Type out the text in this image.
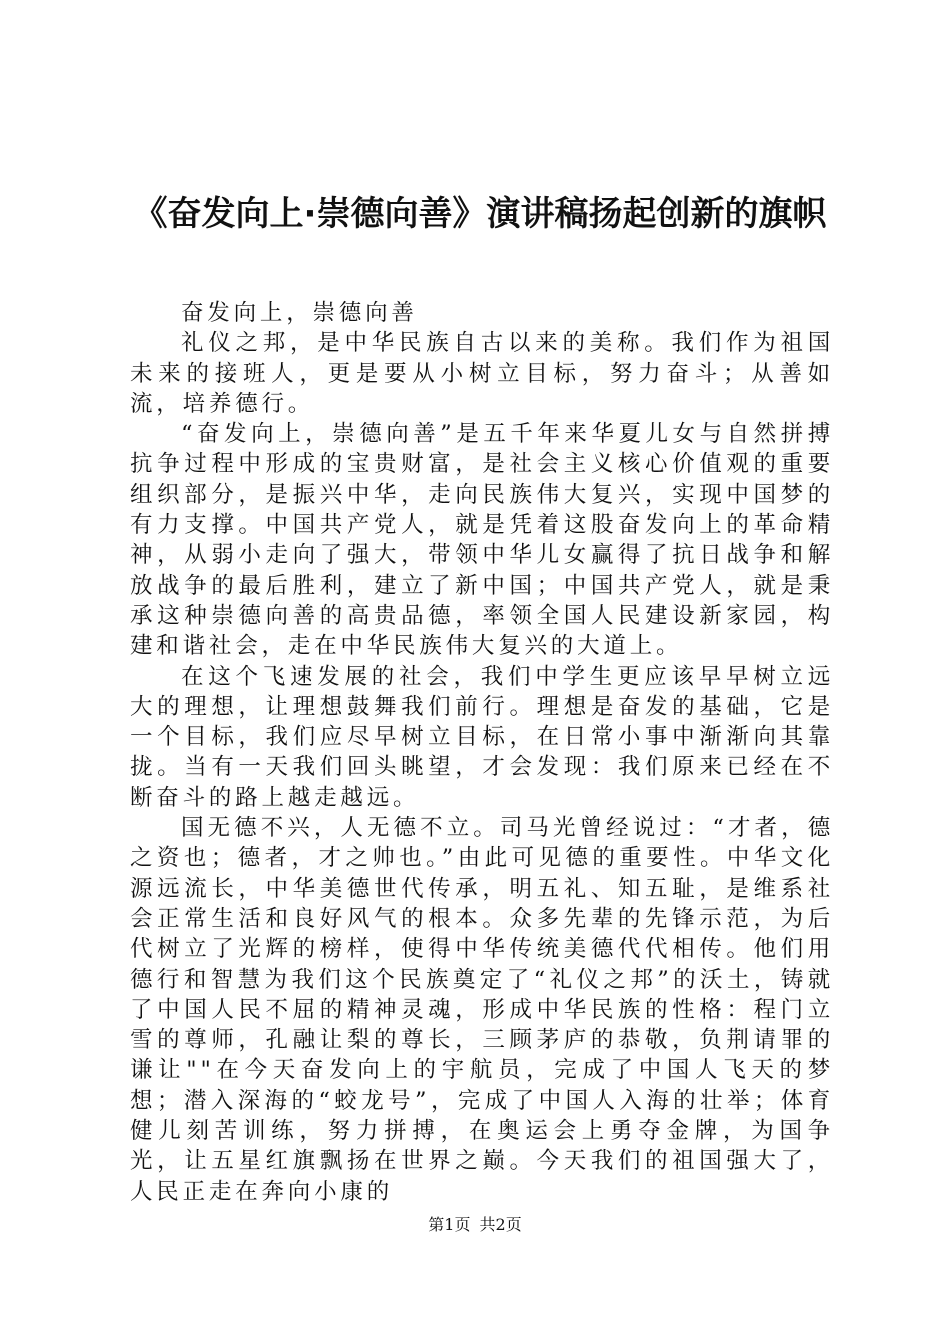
《奋发向上·崇德向善》演讲稿扬起创新的旗帜

奋发向上，崇德向善

礼仪之邦，是中华民族自古以来的美称。我们作为祖国未来的接班人，更是要从小树立目标，努力奋斗；从善如流，培养德行。

“奋发向上，崇德向善”是五千年来华夏儿女与自然拼搏抗争过程中形成的宝贵财富，是社会主义核心价值观的重要组织部分，是振兴中华，走向民族伟大复兴，实现中国梦的有力支撑。中国共产党人，就是凭着这股奋发向上的革命精神，从弱小走向了强大，带领中华儿女赢得了抗日战争和解放战争的最后胜利，建立了新中国；中国共产党人，就是秉承这种崇德向善的高贵品德，率领全国人民建设新家园，构建和谐社会，走在中华民族伟大复兴的大道上。

在这个飞速发展的社会，我们中学生更应该早早树立远大的理想，让理想鼓舞我们前行。理想是奋发的基础，它是一个目标，我们应尽早树立目标，在日常小事中渐渐向其靠拢。当有一天我们回头眺望，才会发现：我们原来已经在不断奋斗的路上越走越远。

国无德不兴，人无德不立。司马光曾经说过：“才者，德之资也；德者，才之帅也。”由此可见德的重要性。中华文化源远流长，中华美德世代传承，明五礼、知五耻，是维系社会正常生活和良好风气的根本。众多先辈的先锋示范，为后代树立了光辉的榜样，使得中华传统美德代代相传。他们用德行和智慧为我们这个民族奠定了“礼仪之邦”的沃土，铸就了中国人民不屈的精神灵魂，形成中华民族的性格：程门立雪的尊师，孔融让梨的尊长，三顾茅庐的恭敬，负荆请罪的谦让""在今天奋发向上的宇航员，完成了中国人飞天的梦想；潜入深海的“蛟龙号”，完成了中国人入海的壮举；体育健儿刻苦训练，努力拼搏，在奥运会上勇夺金牌，为国争光，让五星红旗飘扬在世界之巅。今天我们的祖国强大了，人民正走在奔向小康的

第1页 共2页
